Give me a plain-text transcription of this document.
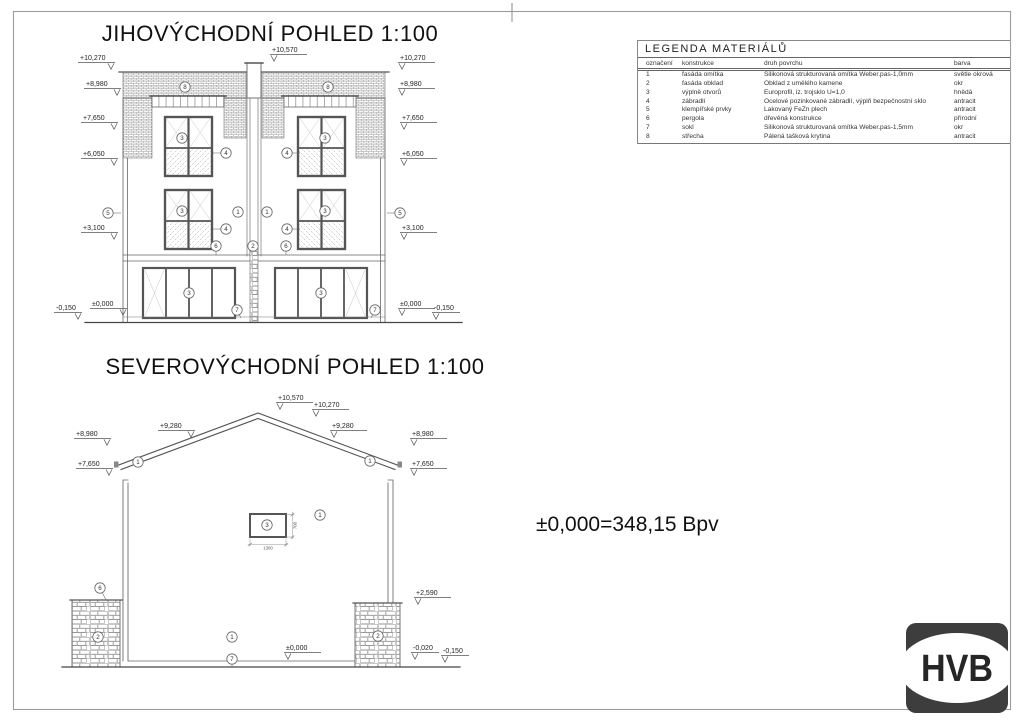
+10,570
+10,270
+8,980
+7,650
+6,050
+3,100
±0,000
-0,150
+10,270
+8,980
+7,650
+6,050
+3,100
±0,000
-0,150
8	8
3	3
4	4
3	3
4	4
1	1
5	5
6	2	6
3	3
7	7
+10,570
+10,270
+9,280	+9,280
+8,980	+8,980
+7,650	+7,650
+2,590
±0,000	-0,020 -0,150
1	1
3
1
6
2	2
1
7
1300
700
JIHOVÝCHODNÍ POHLED 1:100
SEVEROVÝCHODNÍ POHLED 1:100
±0,000=348,15 Bpv
LEGENDA MATERIÁLŮ
označení	konstrukce	druh povrchu	barva
1	fasáda omítka	Silikonová strukturovaná omítka Weber.pas-1,0mm	světle okrová
2	fasáda obklad	Obklad z umělého kamene	okr
3	výplně otvorů	Europrofil, iz. trojsklo U=1,0	hnědá
4	zábradlí	Ocelové pozinkované zábradlí, výplň bezpečnostní sklo	antracit
5	klempířské prvky	Lakovaný FeZn plech	antracit
6	pergola	dřevěná konstrukce	přírodní
7	sokl	Silikonová strukturovaná omítka Weber.pas-1,5mm	okr
8	střecha	Pálená tašková krytina	antracit
HVB
